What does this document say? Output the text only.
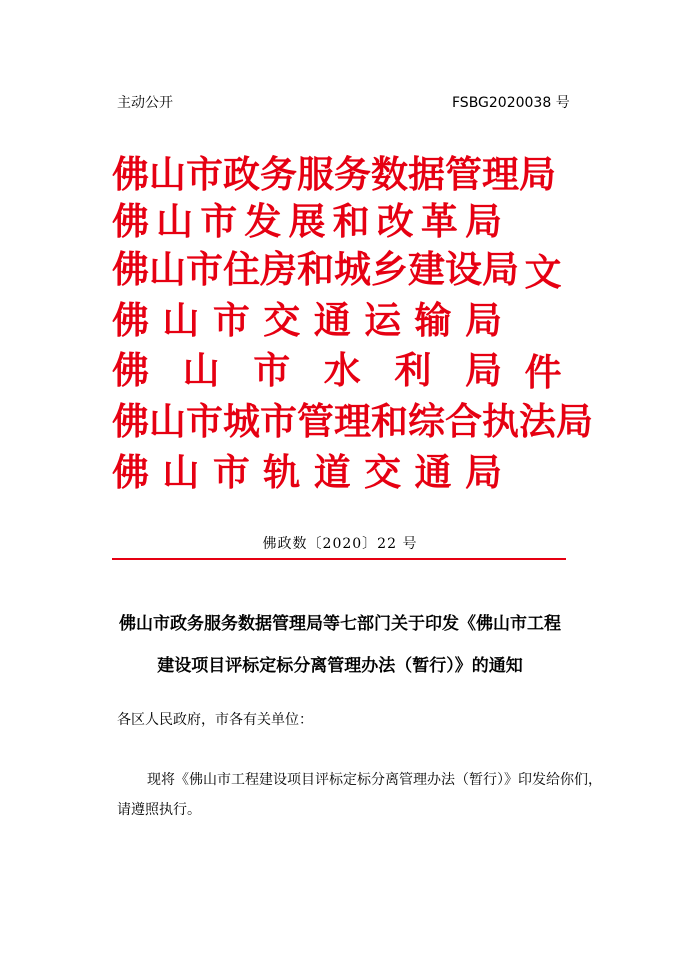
主动公开	FSBG2020038 号
佛 山 市 政 务 服 务 数 据 管 理 局
佛 山 市 发 展 和 改 革 局
佛 山 市 住 房 和 城 乡 建 设 局
佛 山 市 交 通 运 输 局
佛 山 市 水 利 局
佛 山 市 城 市 管 理 和 综 合 执 法 局
佛 山 市 轨 道 交 通 局
文
件
佛政数〔2020〕22 号
佛山市政务服务数据管理局等七部门关于印发《佛山市工程
建设项目评标定标分离管理办法（暂行）》的通知
各区人民政府，市各有关单位：
现将《佛山市工程建设项目评标定标分离管理办法（暂行）》印发给你们，
请遵照执行。
